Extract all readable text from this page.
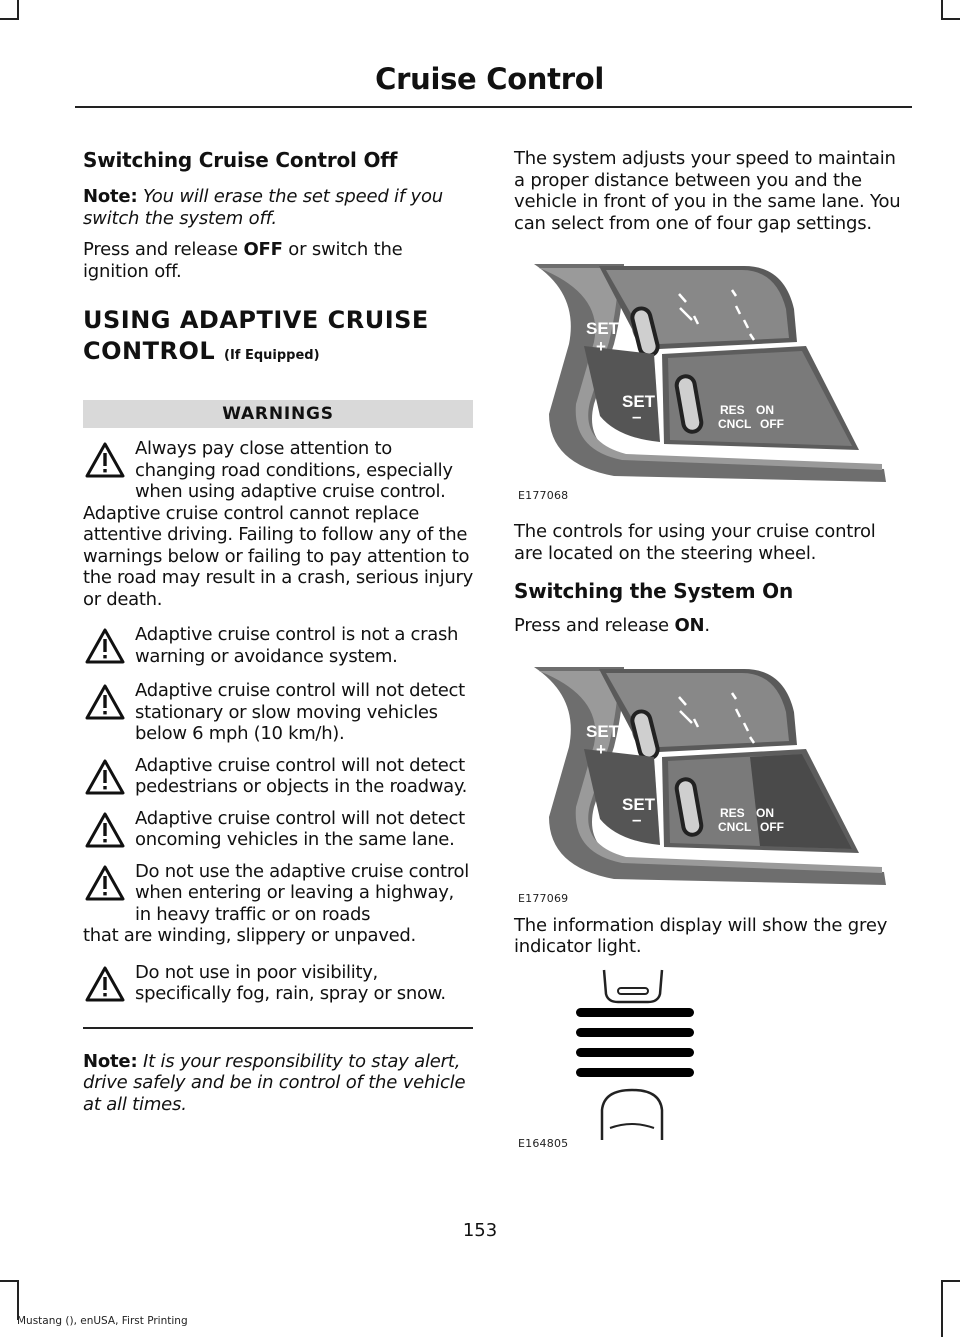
Cruise Control
Switching Cruise Control Off
Note: You will erase the set speed if you switch the system off.
Press and release OFF or switch the ignition off.
USING ADAPTIVE CRUISE
CONTROL (If Equipped)
WARNINGS
Always pay close attention to changing road conditions, especially when using adaptive cruise control.
Adaptive cruise control cannot replace attentive driving. Failing to follow any of the warnings below or failing to pay attention to the road may result in a crash, serious injury or death.
Adaptive cruise control is not a crash warning or avoidance system.
Adaptive cruise control will not detect stationary or slow moving vehicles below 6 mph (10 km/h).
Adaptive cruise control will not detect pedestrians or objects in the roadway.
Adaptive cruise control will not detect oncoming vehicles in the same lane.
Do not use the adaptive cruise control when entering or leaving a highway, in heavy traffic or on roads
that are winding, slippery or unpaved.
Do not use in poor visibility, specifically fog, rain, spray or snow.
Note: It is your responsibility to stay alert, drive safely and be in control of the vehicle at all times.
The system adjusts your speed to maintain a proper distance between you and the vehicle in front of you in the same lane. You can select from one of four gap settings.
SET
+
SET
–	RES ON
CNCL OFF
E177068
The controls for using your cruise control are located on the steering wheel.
Switching the System On
Press and release ON.
SET
+
SET
–	RES ON
CNCL OFF
E177069
The information display will show the grey indicator light.
E164805
153
Mustang (), enUSA, First Printing
